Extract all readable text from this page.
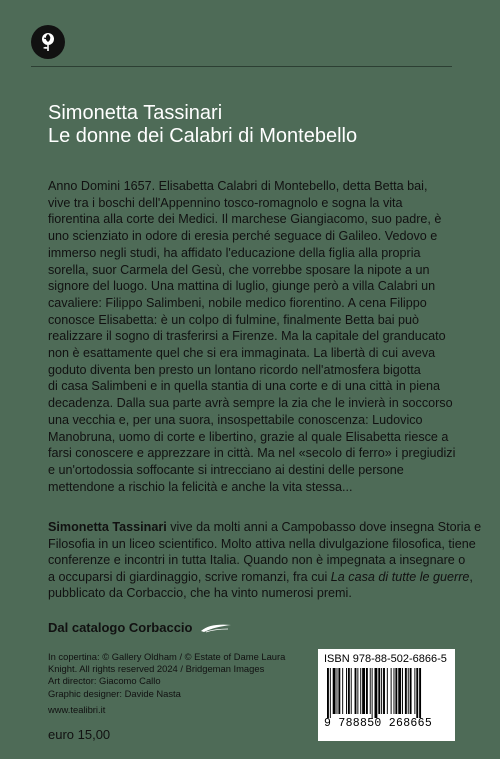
Simonetta Tassinari
Le donne dei Calabri di Montebello
Anno Domini 1657. Elisabetta Calabri di Montebello, detta Betta bai,
vive tra i boschi dell'Appennino tosco-romagnolo e sogna la vita
fiorentina alla corte dei Medici. Il marchese Giangiacomo, suo padre, è
uno scienziato in odore di eresia perché seguace di Galileo. Vedovo e
immerso negli studi, ha affidato l'educazione della figlia alla propria
sorella, suor Carmela del Gesù, che vorrebbe sposare la nipote a un
signore del luogo. Una mattina di luglio, giunge però a villa Calabri un
cavaliere: Filippo Salimbeni, nobile medico fiorentino. A cena Filippo
conosce Elisabetta: è un colpo di fulmine, finalmente Betta bai può
realizzare il sogno di trasferirsi a Firenze. Ma la capitale del granducato
non è esattamente quel che si era immaginata. La libertà di cui aveva
goduto diventa ben presto un lontano ricordo nell'atmosfera bigotta
di casa Salimbeni e in quella stantia di una corte e di una città in piena
decadenza. Dalla sua parte avrà sempre la zia che le invierà in soccorso
una vecchia e, per una suora, insospettabile conoscenza: Ludovico
Manobruna, uomo di corte e libertino, grazie al quale Elisabetta riesce a
farsi conoscere e apprezzare in città. Ma nel «secolo di ferro» i pregiudizi
e un'ortodossia soffocante si intrecciano ai destini delle persone
mettendone a rischio la felicità e anche la vita stessa...
Simonetta Tassinari vive da molti anni a Campobasso dove insegna Storia e
Filosofia in un liceo scientifico. Molto attiva nella divulgazione filosofica, tiene
conferenze e incontri in tutta Italia. Quando non è impegnata a insegnare o
a occuparsi di giardinaggio, scrive romanzi, fra cui La casa di tutte le guerre,
pubblicato da Corbaccio, che ha vinto numerosi premi.
Dal catalogo Corbaccio
In copertina: © Gallery Oldham / © Estate of Dame Laura
Knight. All rights reserved 2024 / Bridgeman Images
Art director: Giacomo Callo
Graphic designer: Davide Nasta
www.tealibri.it
euro 15,00
ISBN 978-88-502-6866-5
9 788850 268665
